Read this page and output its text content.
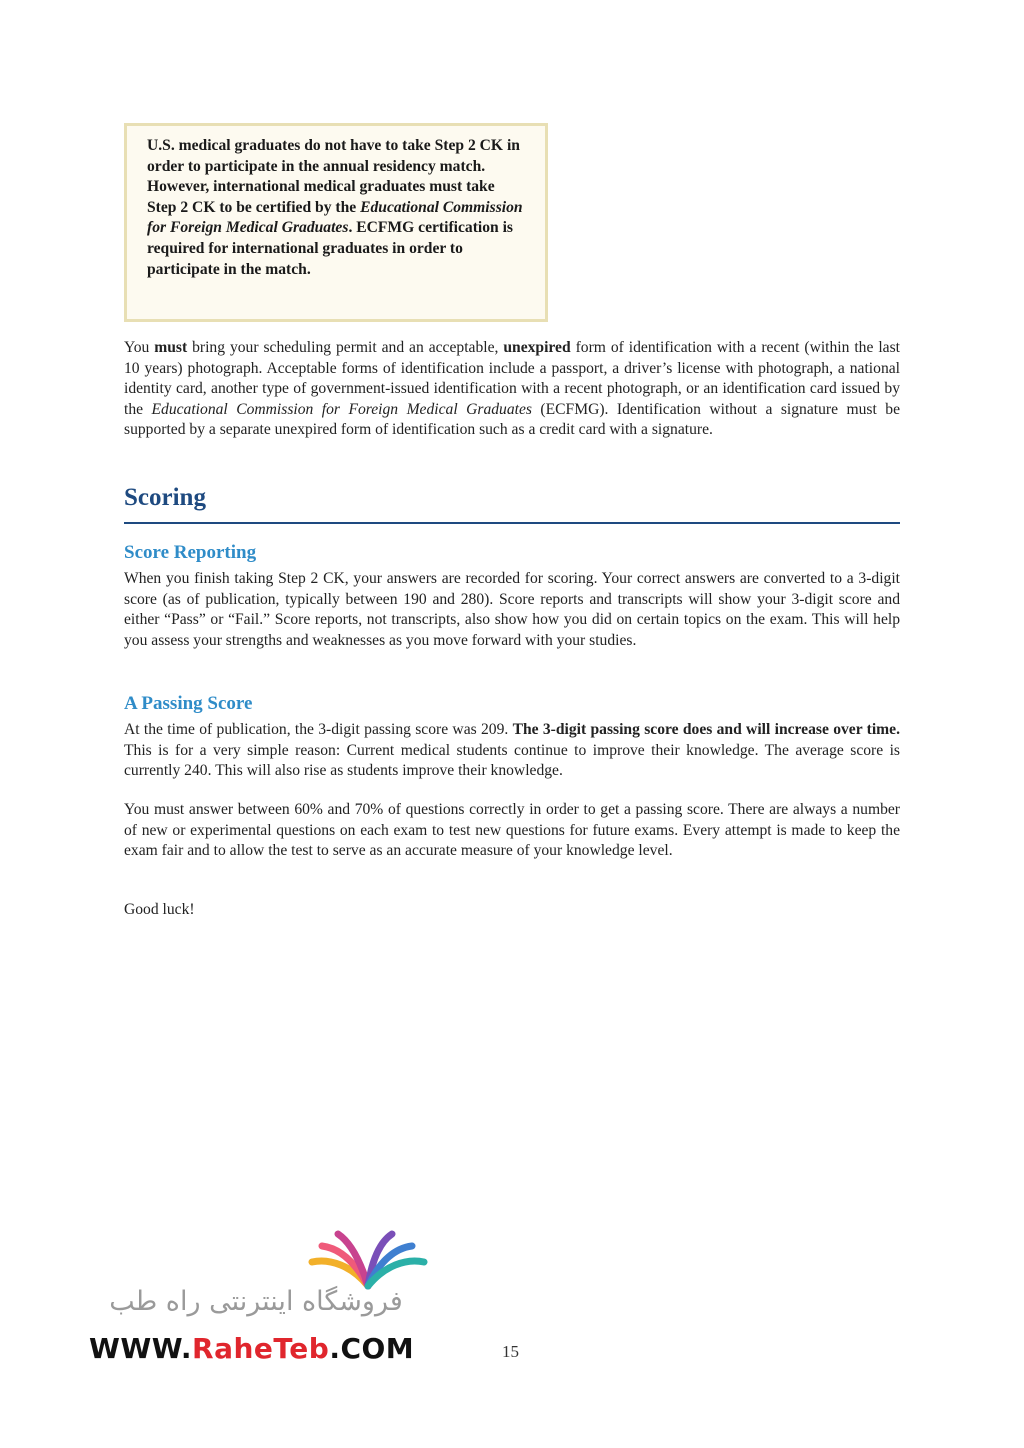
U.S. medical graduates do not have to take Step 2 CK in order to participate in the annual residency match. However, international medical graduates must take Step 2 CK to be certified by the Educational Commission for Foreign Medical Graduates. ECFMG certification is required for international graduates in order to participate in the match.

You must bring your scheduling permit and an acceptable, unexpired form of identification with a recent (within the last 10 years) photograph. Acceptable forms of identification include a passport, a driver’s license with photograph, a national identity card, another type of government-issued identification with a recent photograph, or an identification card issued by the Educational Commission for Foreign Medical Graduates (ECFMG). Identification without a signature must be supported by a separate unexpired form of identification such as a credit card with a signature.

Scoring
Score Reporting

When you finish taking Step 2 CK, your answers are recorded for scoring. Your correct answers are converted to a 3-digit score (as of publication, typically between 190 and 280). Score reports and transcripts will show your 3-digit score and either “Pass” or “Fail.” Score reports, not transcripts, also show how you did on certain topics on the exam. This will help you assess your strengths and weaknesses as you move forward with your studies.

A Passing Score

At the time of publication, the 3-digit passing score was 209. The 3-digit passing score does and will increase over time. This is for a very simple reason: Current medical students continue to improve their knowledge. The average score is currently 240. This will also rise as students improve their knowledge.

You must answer between 60% and 70% of questions correctly in order to get a passing score. There are always a number of new or experimental questions on each exam to test new questions for future exams. Every attempt is made to keep the exam fair and to allow the test to serve as an accurate measure of your knowledge level.

Good luck!

فروشگاه اینترنتی راه طب
WWW.RaheTeb.COM	15
